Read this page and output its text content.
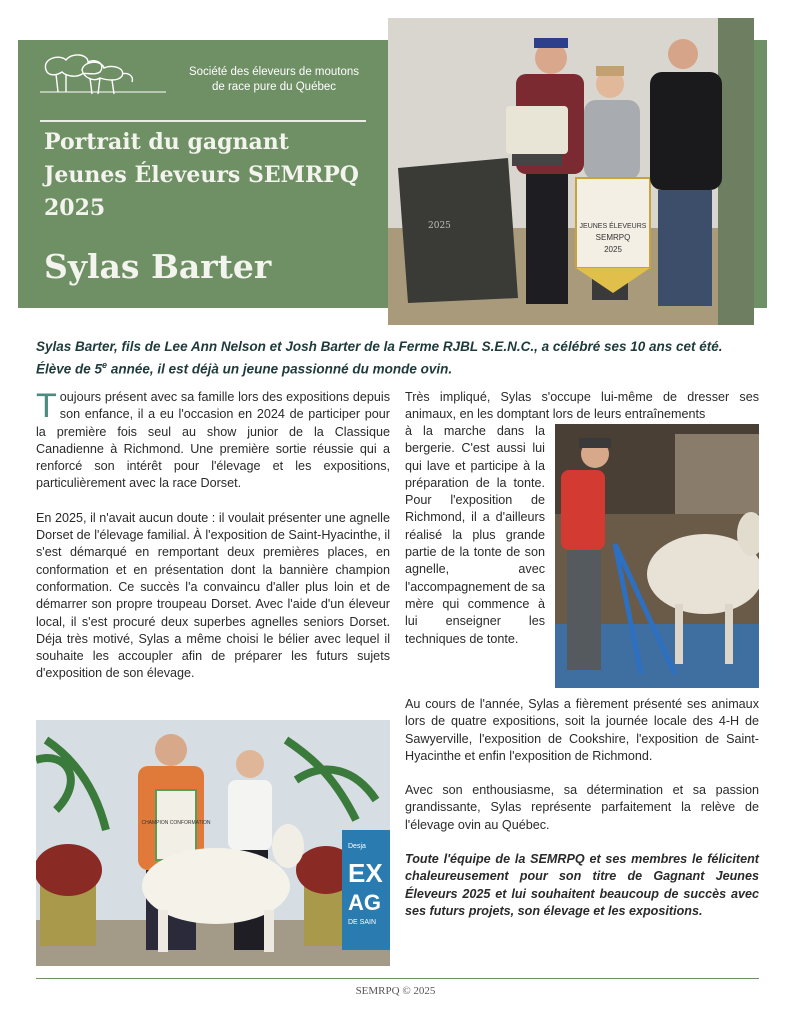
Société des éleveurs de moutons
de race pure du Québec
Portrait du gagnant
Jeunes Éleveurs SEMRPQ
2025
Sylas Barter
2025	JEUNES ÉLEVEURS
SEMRPQ
2025
Sylas Barter, fils de Lee Ann Nelson et Josh Barter de la Ferme RJBL S.E.N.C., a célébré ses 10 ans cet été. Élève de 5e année, il est déjà un jeune passionné du monde ovin.

Toujours présent avec sa famille lors des expositions depuis son enfance, il a eu l'occasion en 2024 de participer pour la première fois seul au show junior de la Classique Canadienne à Richmond. Une première sortie réussie qui a renforcé son intérêt pour l'élevage et les expositions, particulièrement avec la race Dorset.

En 2025, il n'avait aucun doute : il voulait présenter une agnelle Dorset de l'élevage familial. À l'exposition de Saint-Hyacinthe, il s'est démarqué en remportant deux premières places, en conformation et en présentation dont la bannière champion conformation. Ce succès l'a convaincu d'aller plus loin et de démarrer son propre troupeau Dorset. Avec l'aide d'un éleveur local, il s'est procuré deux superbes agnelles seniors Dorset. Déja très motivé, Sylas a même choisi le bélier avec lequel il souhaite les accoupler afin de préparer les futurs sujets d'exposition de son élevage.

Très impliqué, Sylas s'occupe lui-même de dresser ses animaux, en les domptant lors de leurs entraînements
à la marche dans la bergerie. C'est aussi lui qui lave et participe à la préparation de la tonte. Pour l'exposition de Richmond, il a d'ailleurs réalisé la plus grande partie de la tonte de son agnelle, avec l'accompagnement de sa mère qui commence à lui enseigner les techniques de tonte.

Au cours de l'année, Sylas a fièrement présenté ses animaux lors de quatre expositions, soit la journée locale des 4-H de Sawyerville, l'exposition de Cookshire, l'exposition de Saint-Hyacinthe et enfin l'exposition de Richmond.

Avec son enthousiasme, sa détermination et sa passion grandissante, Sylas représente parfaitement la relève de l'élevage ovin au Québec.

Toute l'équipe de la SEMRPQ et ses membres le félicitent chaleureusement pour son titre de Gagnant Jeunes Éleveurs 2025 et lui souhaitent beaucoup de succès avec ses futurs projets, son élevage et les expositions.

CHAMPION CONFORMATION
Desja
EX
AG
DE SAIN
SEMRPQ © 2025
